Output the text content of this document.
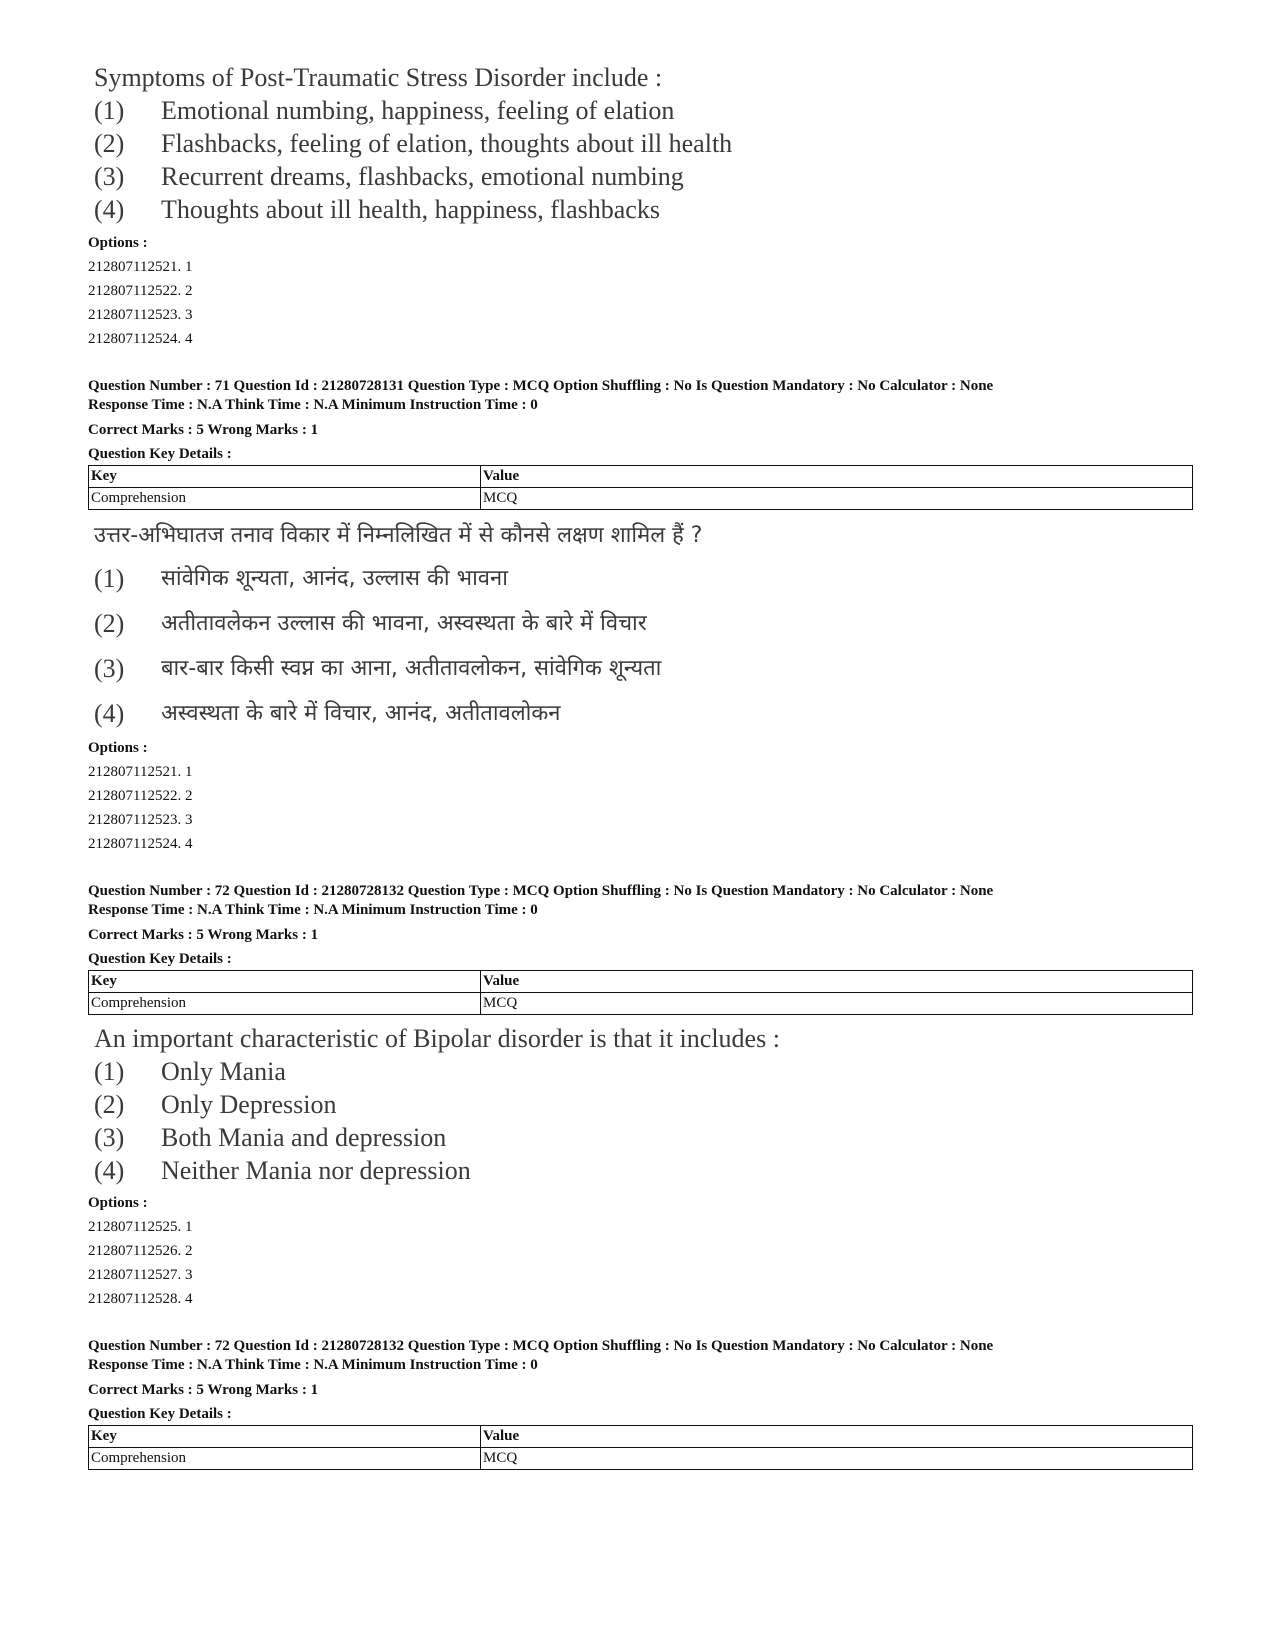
Symptoms of Post-Traumatic Stress Disorder include :
(1)	Emotional numbing, happiness, feeling of elation
(2)	Flashbacks, feeling of elation, thoughts about ill health
(3)	Recurrent dreams, flashbacks, emotional numbing
(4)	Thoughts about ill health, happiness, flashbacks
Options :
212807112521. 1
212807112522. 2
212807112523. 3
212807112524. 4
Question Number : 71 Question Id : 21280728131 Question Type : MCQ Option Shuffling : No Is Question Mandatory : No Calculator : None
Response Time : N.A Think Time : N.A Minimum Instruction Time : 0
Correct Marks : 5 Wrong Marks : 1
Question Key Details :
Key	Value
Comprehension	MCQ
उत्तर-अभिघातज तनाव विकार में निम्नलिखित में से कौनसे लक्षण शामिल हैं ?
(1)	सांवेगिक शून्यता, आनंद, उल्लास की भावना
(2)	अतीतावलेकन उल्लास की भावना, अस्वस्थता के बारे में विचार
(3)	बार-बार किसी स्वप्न का आना, अतीतावलोकन, सांवेगिक शून्यता
(4)	अस्वस्थता के बारे में विचार, आनंद, अतीतावलोकन
Options :
212807112521. 1
212807112522. 2
212807112523. 3
212807112524. 4
Question Number : 72 Question Id : 21280728132 Question Type : MCQ Option Shuffling : No Is Question Mandatory : No Calculator : None
Response Time : N.A Think Time : N.A Minimum Instruction Time : 0
Correct Marks : 5 Wrong Marks : 1
Question Key Details :
Key	Value
Comprehension	MCQ
An important characteristic of Bipolar disorder is that it includes :
(1)	Only Mania
(2)	Only Depression
(3)	Both Mania and depression
(4)	Neither Mania nor depression
Options :
212807112525. 1
212807112526. 2
212807112527. 3
212807112528. 4
Question Number : 72 Question Id : 21280728132 Question Type : MCQ Option Shuffling : No Is Question Mandatory : No Calculator : None
Response Time : N.A Think Time : N.A Minimum Instruction Time : 0
Correct Marks : 5 Wrong Marks : 1
Question Key Details :
Key	Value
Comprehension	MCQ
